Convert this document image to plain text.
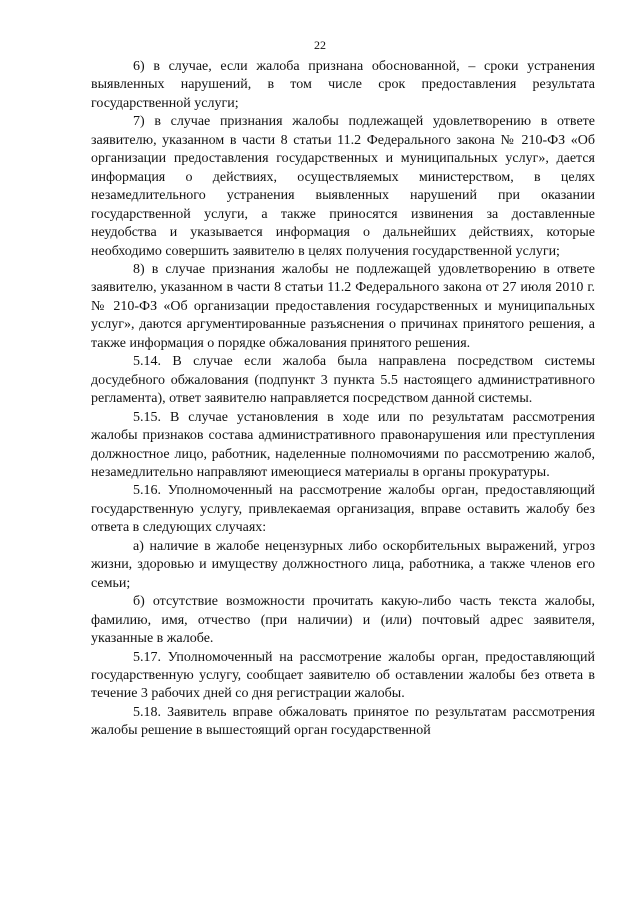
22

6) в случае, если жалоба признана обоснованной, – сроки устранения выявленных нарушений, в том числе срок предоставления результата государственной услуги;

7) в случае признания жалобы подлежащей удовлетворению в ответе заявителю, указанном в части 8 статьи 11.2 Федерального закона № 210-ФЗ «Об организации предоставления государственных и муниципальных услуг», дается информация о действиях, осуществляемых министерством, в целях незамедлительного устранения выявленных нарушений при оказании государственной услуги, а также приносятся извинения за доставленные неудобства и указывается информация о дальнейших действиях, которые необходимо совершить заявителю в целях получения государственной услуги;

8) в случае признания жалобы не подлежащей удовлетворению в ответе заявителю, указанном в части 8 статьи 11.2 Федерального закона от 27 июля 2010 г. № 210-ФЗ «Об организации предоставления государственных и муниципальных услуг», даются аргументированные разъяснения о причинах принятого решения, а также информация о порядке обжалования принятого решения.

5.14. В случае если жалоба была направлена посредством системы досудебного обжалования (подпункт 3 пункта 5.5 настоящего административного регламента), ответ заявителю направляется посредством данной системы.

5.15. В случае установления в ходе или по результатам рассмотрения жалобы признаков состава административного правонарушения или преступления должностное лицо, работник, наделенные полномочиями по рассмотрению жалоб, незамедлительно направляют имеющиеся материалы в органы прокуратуры.

5.16. Уполномоченный на рассмотрение жалобы орган, предоставляющий государственную услугу, привлекаемая организация, вправе оставить жалобу без ответа в следующих случаях:

а) наличие в жалобе нецензурных либо оскорбительных выражений, угроз жизни, здоровью и имуществу должностного лица, работника, а также членов его семьи;

б) отсутствие возможности прочитать какую-либо часть текста жалобы, фамилию, имя, отчество (при наличии) и (или) почтовый адрес заявителя, указанные в жалобе.

5.17. Уполномоченный на рассмотрение жалобы орган, предоставляющий государственную услугу, сообщает заявителю об оставлении жалобы без ответа в течение 3 рабочих дней со дня регистрации жалобы.

5.18. Заявитель вправе обжаловать принятое по результатам рассмотрения жалобы решение в вышестоящий орган государственной
